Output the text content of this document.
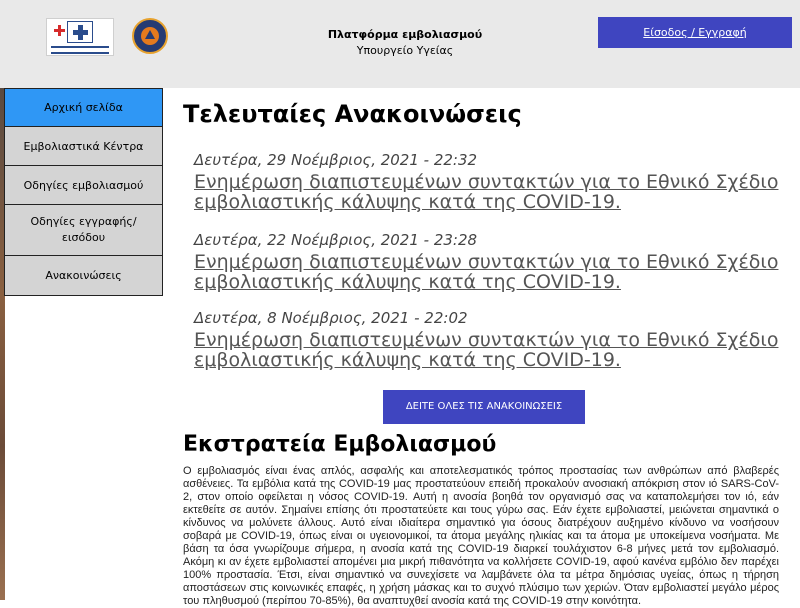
Πλατφόρμα εμβολιασμού
Υπουργείο Υγείας
Είσοδος / Εγγραφή
Αρχική σελίδα
Εμβολιαστικά Κέντρα
Οδηγίες εμβολιασμού
Οδηγίες εγγραφής/ εισόδου
Ανακοινώσεις
Τελευταίες Ανακοινώσεις
Δευτέρα, 29 Νοέμβριος, 2021 - 22:32
Ενημέρωση διαπιστευμένων συντακτών για το Εθνικό Σχέδιο εμβολιαστικής κάλυψης κατά της COVID-19.
Δευτέρα, 22 Νοέμβριος, 2021 - 23:28
Ενημέρωση διαπιστευμένων συντακτών για το Εθνικό Σχέδιο εμβολιαστικής κάλυψης κατά της COVID-19.
Δευτέρα, 8 Νοέμβριος, 2021 - 22:02
Ενημέρωση διαπιστευμένων συντακτών για το Εθνικό Σχέδιο εμβολιαστικής κάλυψης κατά της COVID-19.
ΔΕΙΤΕ ΟΛΕΣ ΤΙΣ ΑΝΑΚΟΙΝΩΣΕΙΣ
Εκστρατεία Εμβολιασμού

Ο εμβολιασμός είναι ένας απλός, ασφαλής και αποτελεσματικός τρόπος προστασίας των ανθρώπων από βλαβερές ασθένειες. Τα εμβόλια κατά της COVID-19 μας προστατεύουν επειδή προκαλούν ανοσιακή απόκριση στον ιό SARS-CoV-2, στον οποίο οφείλεται η νόσος COVID-19. Αυτή η ανοσία βοηθά τον οργανισμό σας να καταπολεμήσει τον ιό, εάν εκτεθείτε σε αυτόν. Σημαίνει επίσης ότι προστατεύετε και τους γύρω σας. Εάν έχετε εμβολιαστεί, μειώνεται σημαντικά ο κίνδυνος να μολύνετε άλλους. Αυτό είναι ιδιαίτερα σημαντικό για όσους διατρέχουν αυξημένο κίνδυνο να νοσήσουν σοβαρά με COVID-19, όπως είναι οι υγειονομικοί, τα άτομα μεγάλης ηλικίας και τα άτομα με υποκείμενα νοσήματα. Με βάση τα όσα γνωρίζουμε σήμερα, η ανοσία κατά της COVID-19 διαρκεί τουλάχιστον 6-8 μήνες μετά τον εμβολιασμό. Ακόμη κι αν έχετε εμβολιαστεί απομένει μια μικρή πιθανότητα να κολλήσετε COVID-19, αφού κανένα εμβόλιο δεν παρέχει 100% προστασία. Έτσι, είναι σημαντικό να συνεχίσετε να λαμβάνετε όλα τα μέτρα δημόσιας υγείας, όπως η τήρηση αποστάσεων στις κοινωνικές επαφές, η χρήση μάσκας και το συχνό πλύσιμο των χεριών. Όταν εμβολιαστεί μεγάλο μέρος του πληθυσμού (περίπου 70-85%), θα αναπτυχθεί ανοσία κατά της COVID-19 στην κοινότητα.
